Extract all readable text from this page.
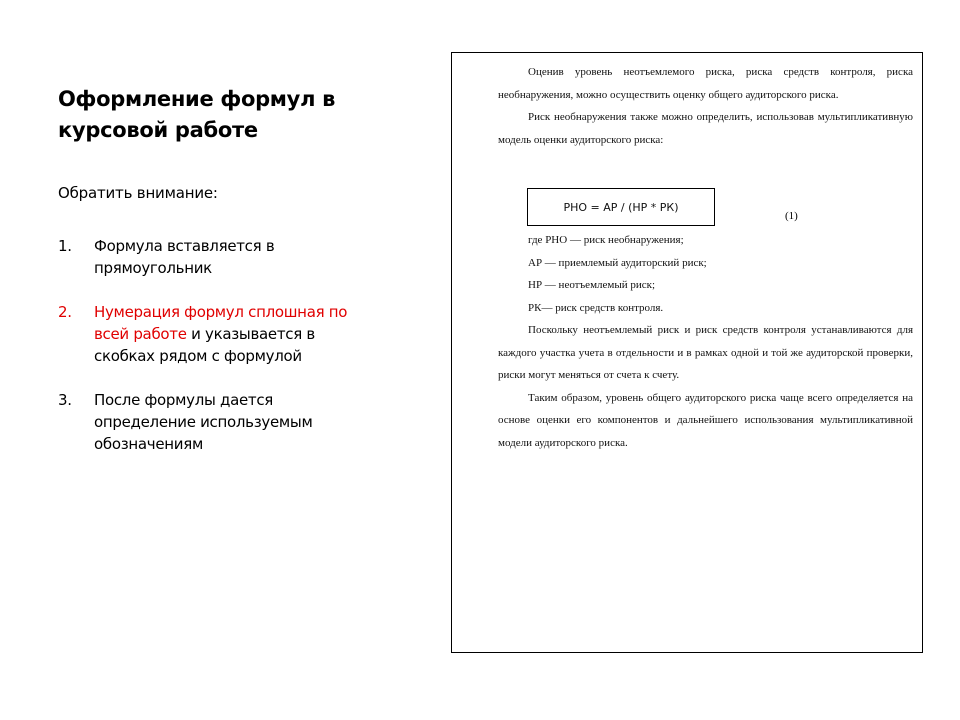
Оформление формул в курсовой работе
Обратить внимание:
1.	Формула вставляется в прямоугольник
2.	Нумерация формул сплошная по всей работе и указывается в скобках рядом с формулой
3.	После формулы дается определение используемым обозначениям

Оценив уровень неотъемлемого риска, риска средств контроля, риска необнаружения, можно осуществить оценку общего аудиторского риска.

Риск необнаружения также можно определить, использовав мультипликативную модель оценки аудиторского риска:

РНО = АР / (НР * РК)
(1)

где РНО — риск необнаружения;

АР — приемлемый аудиторский риск;

НР — неотъемлемый риск;

РК— риск средств контроля.

Поскольку неотъемлемый риск и риск средств контроля устанавливаются для каждого участка учета в отдельности и в рамках одной и той же аудиторской проверки, риски могут меняться от счета к счету.

Таким образом, уровень общего аудиторского риска чаще всего определяется на основе оценки его компонентов и дальнейшего использования мультипликативной модели аудиторского риска.
